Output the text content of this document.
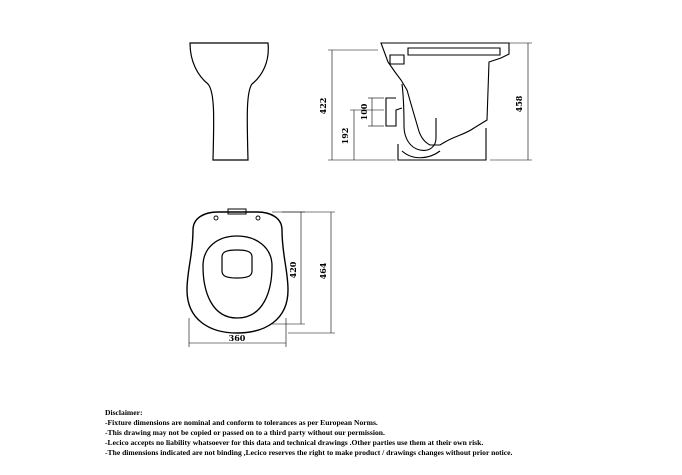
422
192
100	458
420	464
360
Disclaimer:
-Fixture dimensions are nominal and conform to tolerances as per European Norms.
-This drawing may not be copied or passed on to a third party without our permission.
-Lecico accepts no liability whatsoever for this data and technical drawings .Other parties use them at their own risk.
-The dimensions indicated are not binding ,Lecico reserves the right to make product / drawings changes without prior notice.
